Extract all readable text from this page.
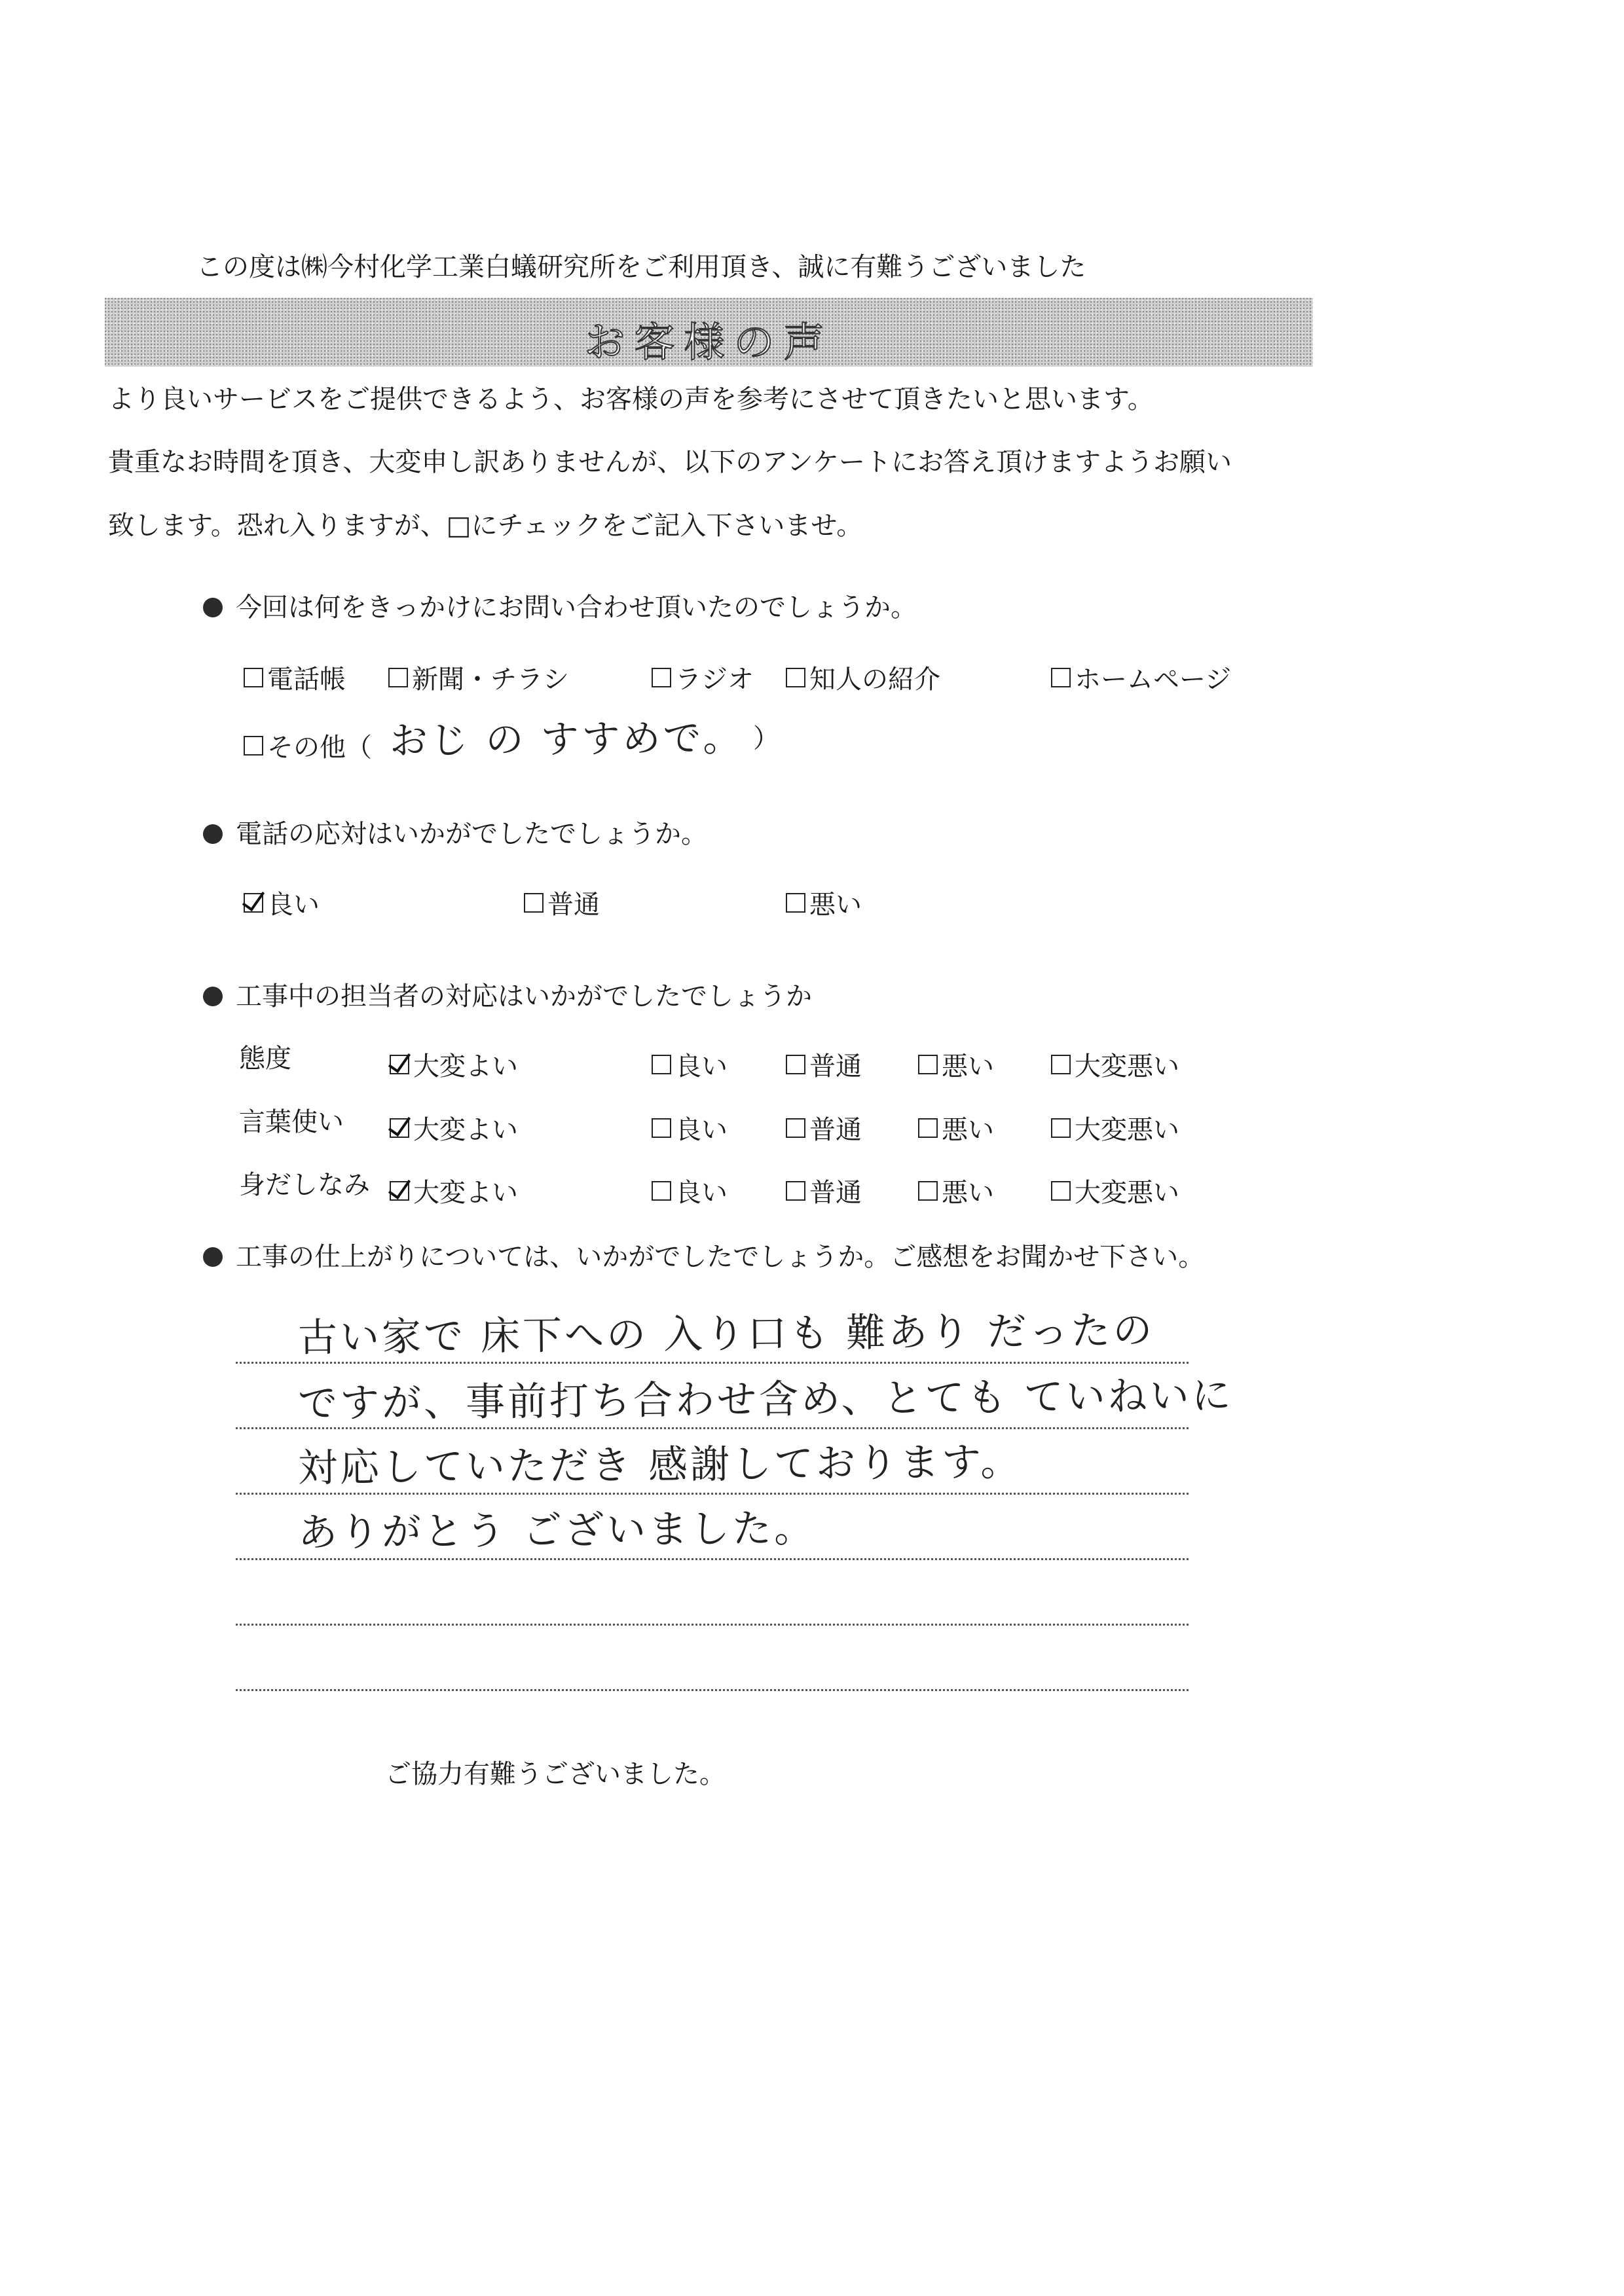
この度は㈱今村化学工業白蟻研究所をご利用頂き、誠に有難うございました
お客様の声
より良いサービスをご提供できるよう、お客様の声を参考にさせて頂きたいと思います。
貴重なお時間を頂き、大変申し訳ありませんが、以下のアンケートにお答え頂けますようお願い
致します。恐れ入りますが、□にチェックをご記入下さいませ。
今回は何をきっかけにお問い合わせ頂いたのでしょうか。
電話帳	新聞・チラシ	ラジオ 知人の紹介	ホームページ
その他（ おじ の すすめで。 ）
電話の応対はいかがでしたでしょうか。
良い	普通	悪い
工事中の担当者の対応はいかがでしたでしょうか
態度	大変よい	良い	普通	悪い	大変悪い
言葉使い	大変よい	良い	普通	悪い	大変悪い
身だしなみ 大変よい	良い	普通	悪い	大変悪い
工事の仕上がりについては、いかがでしたでしょうか。ご感想をお聞かせ下さい。
古い家で 床下への 入り口も 難あり だったの
ですが、事前打ち合わせ含め、とても ていねいに
対応していただき 感謝しております。
ありがとう ございました。
ご協力有難うございました。
